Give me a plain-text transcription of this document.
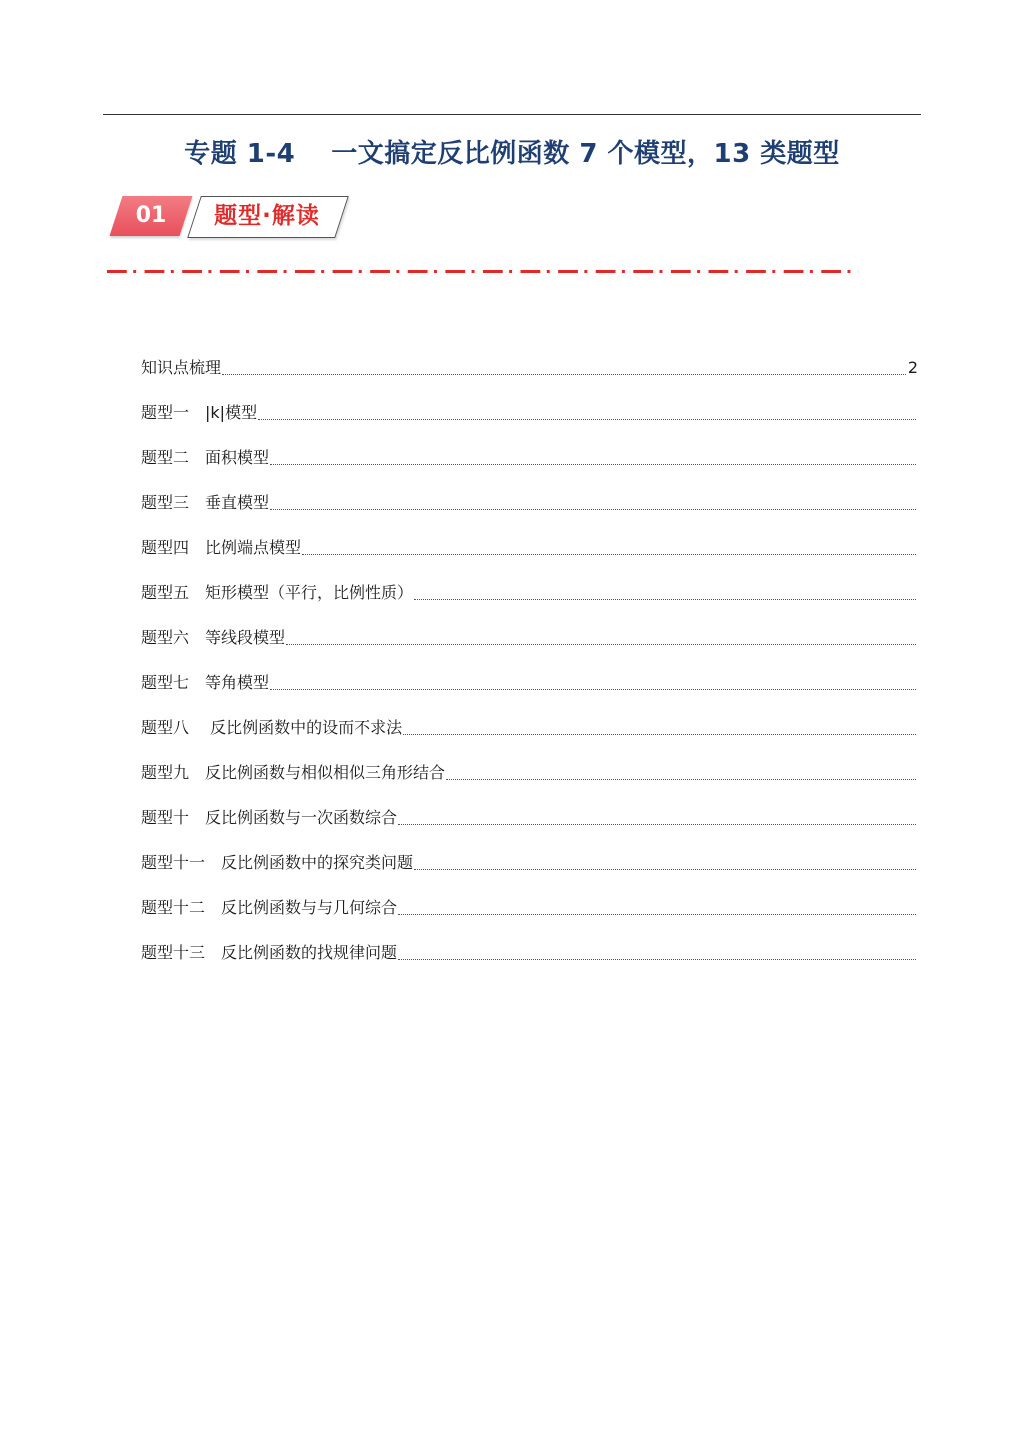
专题 1-4　 一文搞定反比例函数 7 个模型，13 类题型
01	题型·解读
知识点梳理	2
题型一　 |k|模型
题型二　 面积模型
题型三　 垂直模型
题型四　 比例端点模型
题型五　 矩形模型（平行，比例性质）
题型六　 等线段模型
题型七　 等角模型
题型八　 反比例函数中的设而不求法
题型九　 反比例函数与相似相似三角形结合
题型十　 反比例函数与一次函数综合
题型十一　 反比例函数中的探究类问题
题型十二　 反比例函数与与几何综合
题型十三　 反比例函数的找规律问题
